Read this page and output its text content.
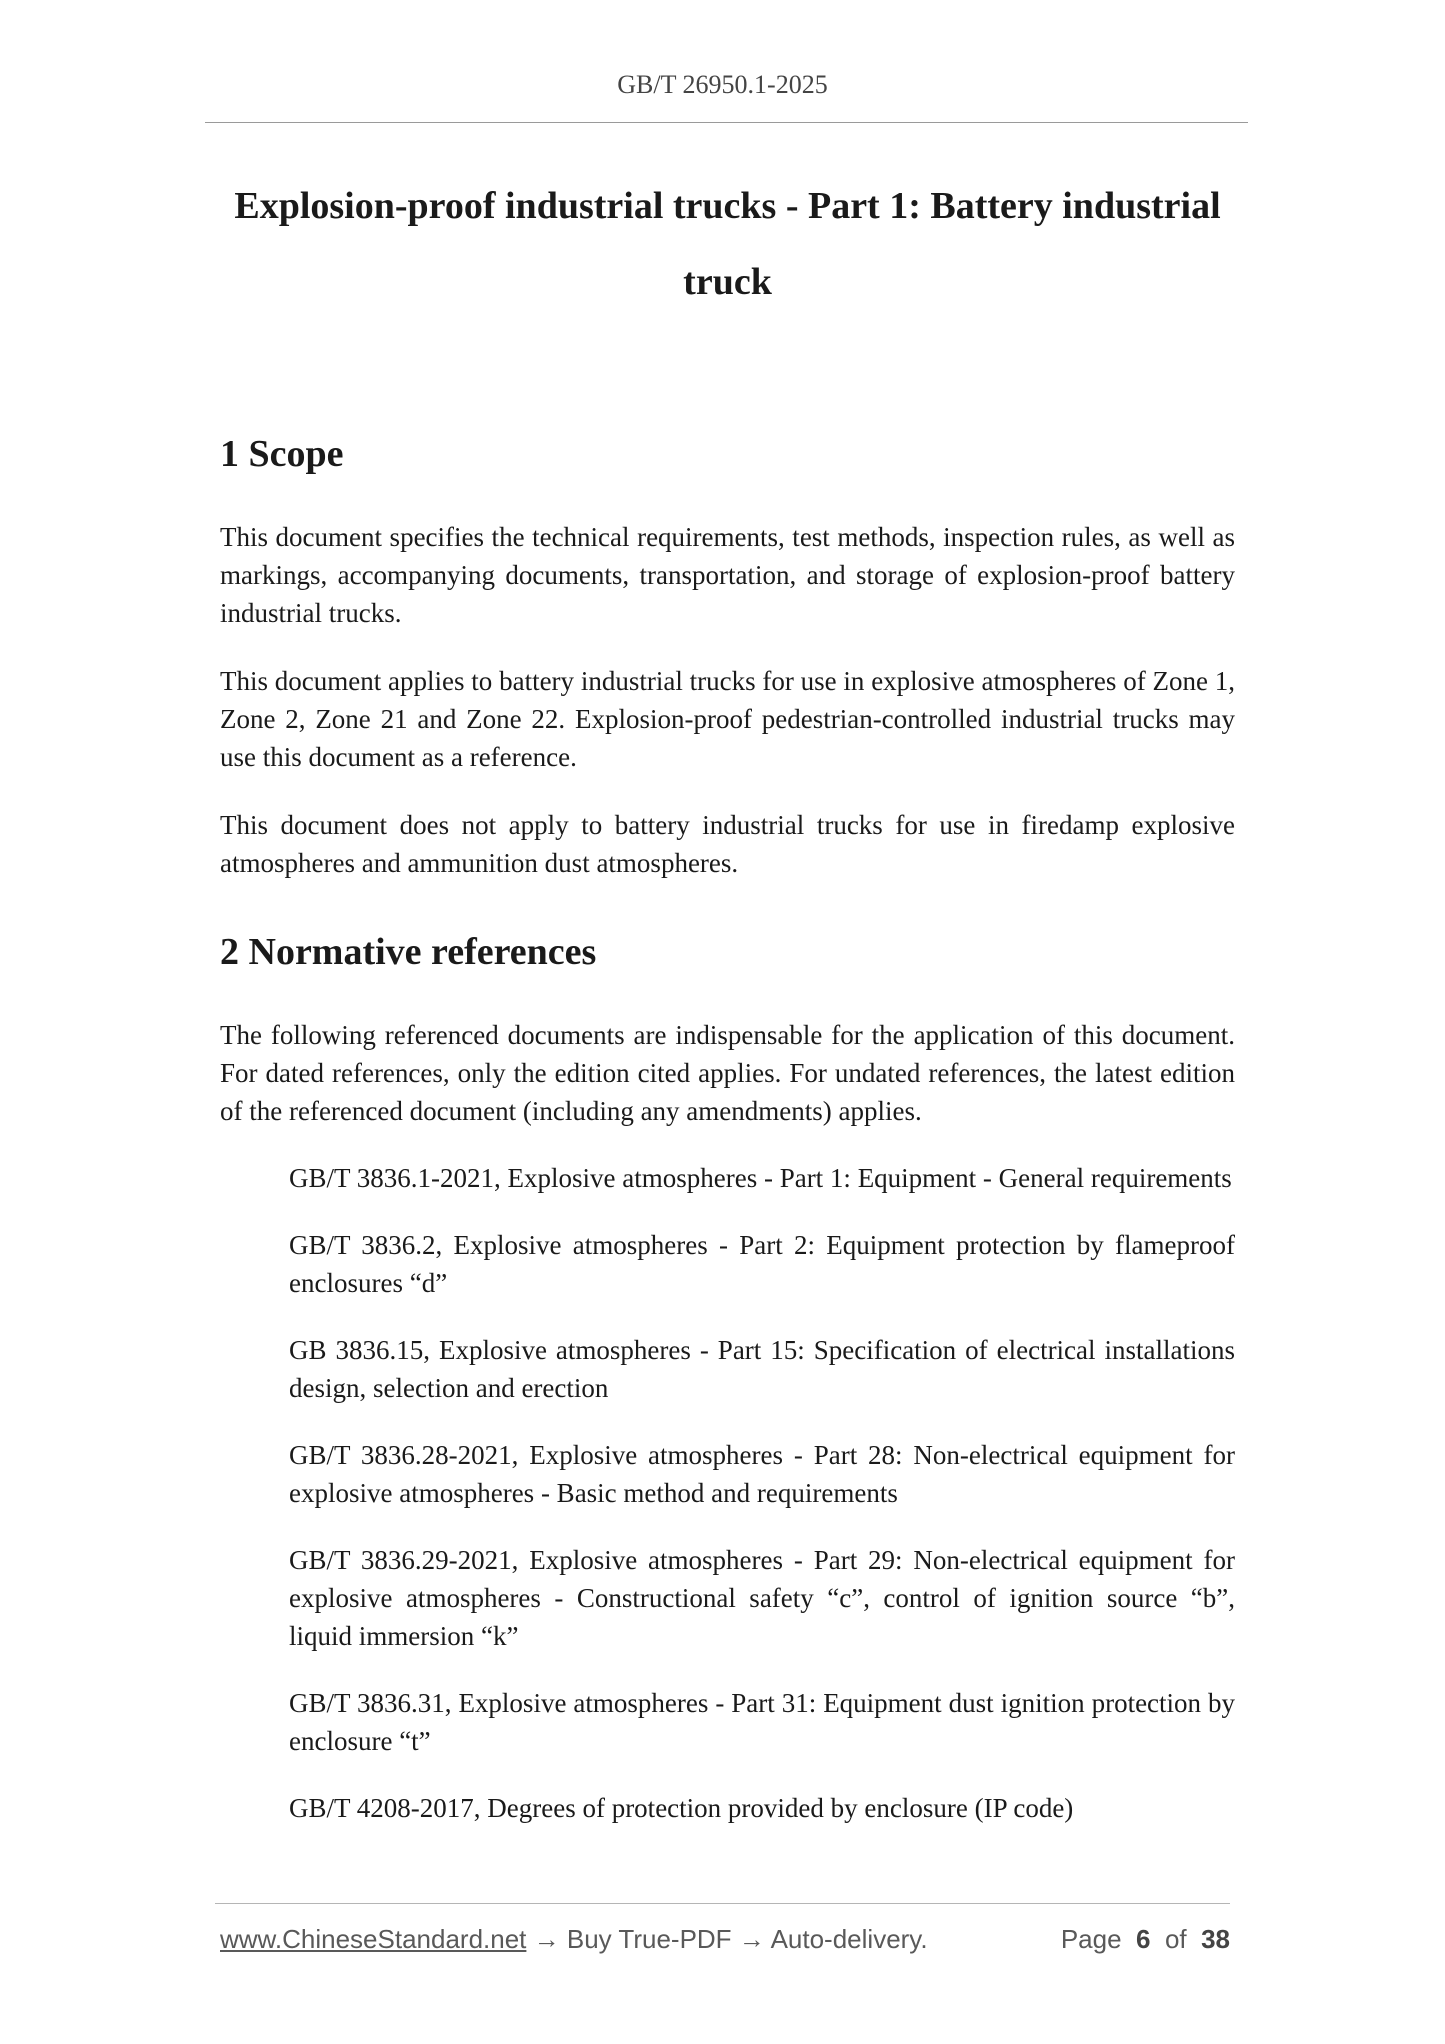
GB/T 26950.1-2025
Explosion-proof industrial trucks - Part 1: Battery industrial truck
1 Scope

This document specifies the technical requirements, test methods, inspection rules, as well as markings, accompanying documents, transportation, and storage of explosion-proof battery industrial trucks.

This document applies to battery industrial trucks for use in explosive atmospheres of Zone 1, Zone 2, Zone 21 and Zone 22. Explosion-proof pedestrian-controlled industrial trucks may use this document as a reference.

This document does not apply to battery industrial trucks for use in firedamp explosive atmospheres and ammunition dust atmospheres.

2 Normative references

The following referenced documents are indispensable for the application of this document. For dated references, only the edition cited applies. For undated references, the latest edition of the referenced document (including any amendments) applies.

GB/T 3836.1-2021, Explosive atmospheres - Part 1: Equipment - General requirements
GB/T 3836.2, Explosive atmospheres - Part 2: Equipment protection by flameproof enclosures “d”
GB 3836.15, Explosive atmospheres - Part 15: Specification of electrical installations design, selection and erection
GB/T 3836.28-2021, Explosive atmospheres - Part 28: Non-electrical equipment for explosive atmospheres - Basic method and requirements
GB/T 3836.29-2021, Explosive atmospheres - Part 29: Non-electrical equipment for explosive atmospheres - Constructional safety “c”, control of ignition source “b”, liquid immersion “k”
GB/T 3836.31, Explosive atmospheres - Part 31: Equipment dust ignition protection by enclosure “t”
GB/T 4208-2017, Degrees of protection provided by enclosure (IP code)
www.ChineseStandard.net → Buy True-PDF → Auto-delivery.	Page 6 of 38
